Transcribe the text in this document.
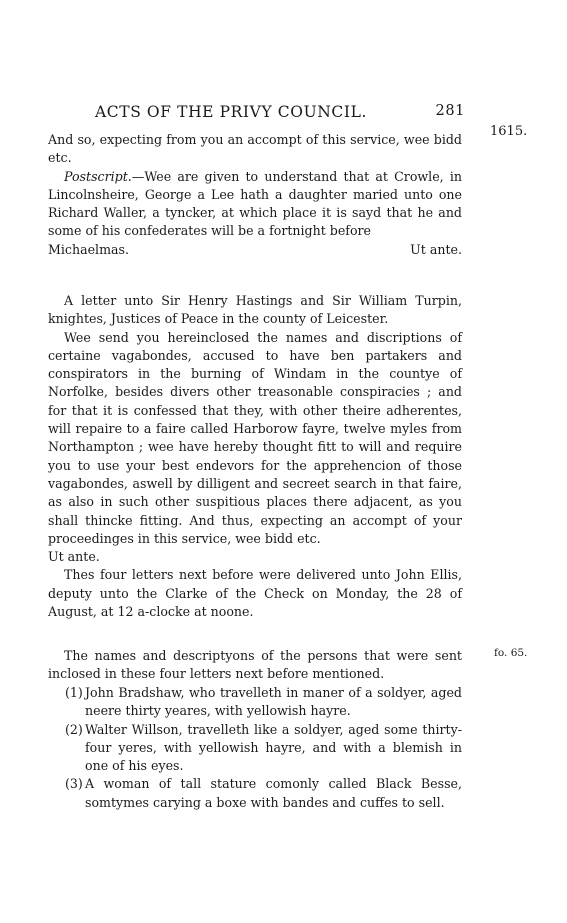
ACTS OF THE PRIVY COUNCIL.	281
1615.
fo. 65.

And so, expecting from you an accompt of this service, wee bidd etc.

Postscript.—Wee are given to understand that at Crowle, in Lincolnsheire, George a Lee hath a daughter maried unto one Richard Waller, a tyncker, at which place it is sayd that he and some of his confederates will be a fortnight before

Michaelmas.	Ut ante.

A letter unto Sir Henry Hastings and Sir William Turpin, knightes, Justices of Peace in the county of Leicester.

Wee send you hereinclosed the names and discriptions of certaine vagabondes, accused to have ben partakers and conspirators in the burning of Windam in the countye of Norfolke, besides divers other treasonable conspiracies ; and for that it is confessed that they, with other theire adherentes, will repaire to a faire called Harborow fayre, twelve myles from Northampton ; wee have hereby thought fitt to will and require you to use your best endevors for the apprehencion of those vagabondes, aswell by dilligent and secreet search in that faire, as also in such other suspitious places there adjacent, as you shall thincke fitting. And thus, expecting an accompt of your proceedinges in this service, wee bidd etc.

Ut ante.

Thes four letters next before were delivered unto John Ellis, deputy unto the Clarke of the Check on Monday, the 28 of August, at 12 a-clocke at noone.

The names and descriptyons of the persons that were sent inclosed in these four letters next before mentioned.

(1) John Bradshaw, who travelleth in maner of a soldyer, aged neere thirty yeares, with yellowish hayre.

(2) Walter Willson, travelleth like a soldyer, aged some thirty-four yeres, with yellowish hayre, and with a blemish in one of his eyes.

(3) A woman of tall stature comonly called Black Besse, somtymes carying a boxe with bandes and cuffes to sell.
